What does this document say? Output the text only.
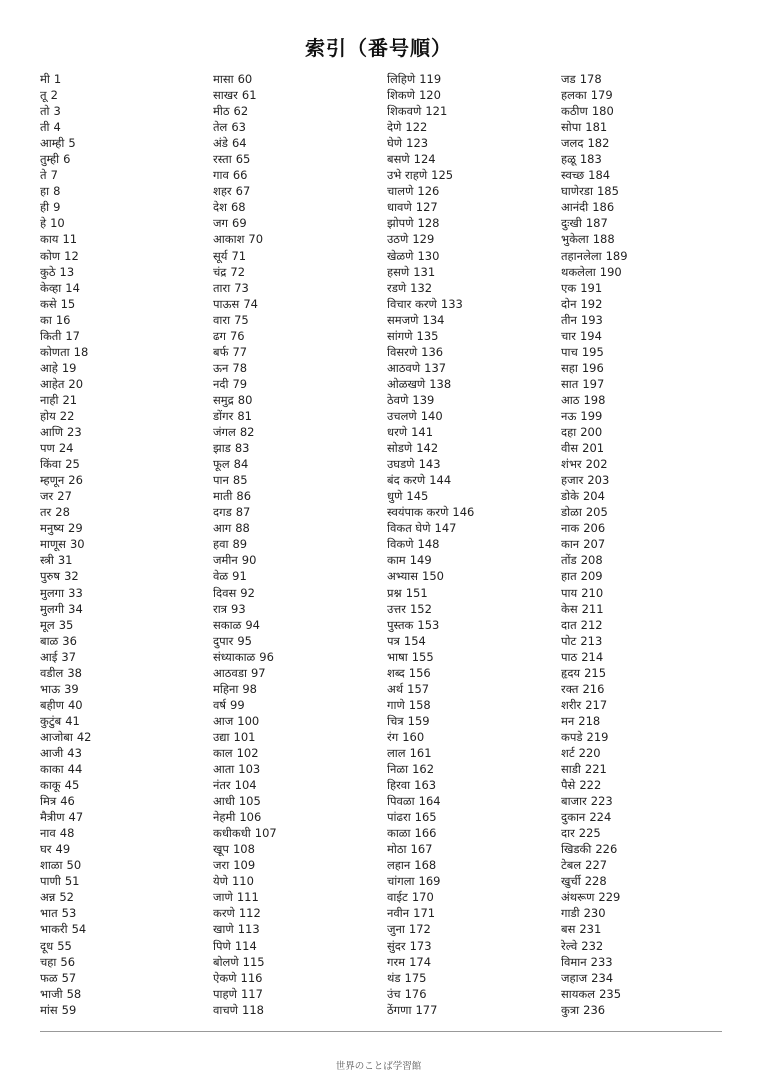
索引（番号順）
मी 1
तू 2
तो 3
ती 4
आम्ही 5
तुम्ही 6
ते 7
हा 8
ही 9
हे 10
काय 11
कोण 12
कुठे 13
केव्हा 14
कसे 15
का 16
किती 17
कोणता 18
आहे 19
आहेत 20
नाही 21
होय 22
आणि 23
पण 24
किंवा 25
म्हणून 26
जर 27
तर 28
मनुष्य 29
माणूस 30
स्त्री 31
पुरुष 32
मुलगा 33
मुलगी 34
मूल 35
बाळ 36
आई 37
वडील 38
भाऊ 39
बहीण 40
कुटुंब 41
आजोबा 42
आजी 43
काका 44
काकू 45
मित्र 46
मैत्रीण 47
नाव 48
घर 49
शाळा 50
पाणी 51
अन्न 52
भात 53
भाकरी 54
दूध 55
चहा 56
फळ 57
भाजी 58
मांस 59
मासा 60
साखर 61
मीठ 62
तेल 63
अंडे 64
रस्ता 65
गाव 66
शहर 67
देश 68
जग 69
आकाश 70
सूर्य 71
चंद्र 72
तारा 73
पाऊस 74
वारा 75
ढग 76
बर्फ 77
ऊन 78
नदी 79
समुद्र 80
डोंगर 81
जंगल 82
झाड 83
फूल 84
पान 85
माती 86
दगड 87
आग 88
हवा 89
जमीन 90
वेळ 91
दिवस 92
रात्र 93
सकाळ 94
दुपार 95
संध्याकाळ 96
आठवडा 97
महिना 98
वर्ष 99
आज 100
उद्या 101
काल 102
आता 103
नंतर 104
आधी 105
नेहमी 106
कधीकधी 107
खूप 108
जरा 109
येणे 110
जाणे 111
करणे 112
खाणे 113
पिणे 114
बोलणे 115
ऐकणे 116
पाहणे 117
वाचणे 118
लिहिणे 119
शिकणे 120
शिकवणे 121
देणे 122
घेणे 123
बसणे 124
उभे राहणे 125
चालणे 126
धावणे 127
झोपणे 128
उठणे 129
खेळणे 130
हसणे 131
रडणे 132
विचार करणे 133
समजणे 134
सांगणे 135
विसरणे 136
आठवणे 137
ओळखणे 138
ठेवणे 139
उचलणे 140
धरणे 141
सोडणे 142
उघडणे 143
बंद करणे 144
धुणे 145
स्वयंपाक करणे 146
विकत घेणे 147
विकणे 148
काम 149
अभ्यास 150
प्रश्न 151
उत्तर 152
पुस्तक 153
पत्र 154
भाषा 155
शब्द 156
अर्थ 157
गाणे 158
चित्र 159
रंग 160
लाल 161
निळा 162
हिरवा 163
पिवळा 164
पांढरा 165
काळा 166
मोठा 167
लहान 168
चांगला 169
वाईट 170
नवीन 171
जुना 172
सुंदर 173
गरम 174
थंड 175
उंच 176
ठेंगणा 177
जड 178
हलका 179
कठीण 180
सोपा 181
जलद 182
हळू 183
स्वच्छ 184
घाणेरडा 185
आनंदी 186
दुःखी 187
भुकेला 188
तहानलेला 189
थकलेला 190
एक 191
दोन 192
तीन 193
चार 194
पाच 195
सहा 196
सात 197
आठ 198
नऊ 199
दहा 200
वीस 201
शंभर 202
हजार 203
डोके 204
डोळा 205
नाक 206
कान 207
तोंड 208
हात 209
पाय 210
केस 211
दात 212
पोट 213
पाठ 214
हृदय 215
रक्त 216
शरीर 217
मन 218
कपडे 219
शर्ट 220
साडी 221
पैसे 222
बाजार 223
दुकान 224
दार 225
खिडकी 226
टेबल 227
खुर्ची 228
अंथरूण 229
गाडी 230
बस 231
रेल्वे 232
विमान 233
जहाज 234
सायकल 235
कुत्रा 236
世界のことば学習館
